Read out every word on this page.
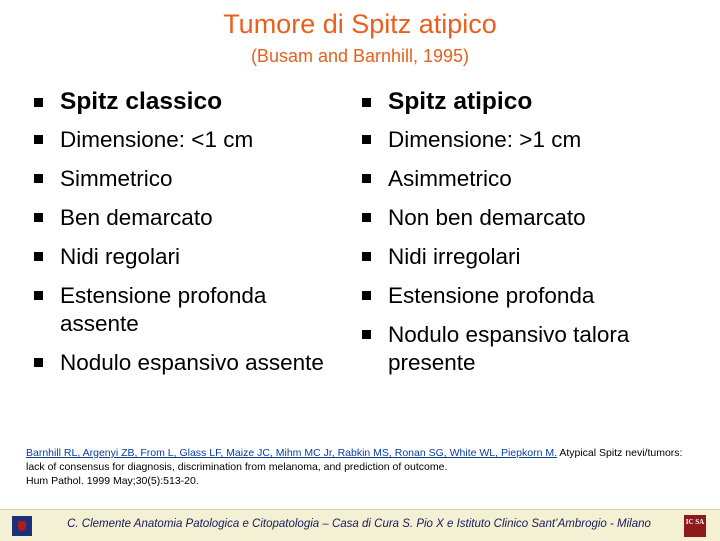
Tumore di Spitz atipico
(Busam and Barnhill, 1995)
Spitz classico
Dimensione: <1 cm
Simmetrico
Ben demarcato
Nidi regolari
Estensione profonda assente
Nodulo espansivo assente
Spitz atipico
Dimensione: >1 cm
Asimmetrico
Non ben demarcato
Nidi irregolari
Estensione profonda
Nodulo espansivo talora presente
Barnhill RL, Argenyi ZB, From L, Glass LF, Maize JC, Mihm MC Jr, Rabkin MS, Ronan SG, White WL, Piepkorn M. Atypical Spitz nevi/tumors: lack of consensus for diagnosis, discrimination from melanoma, and prediction of outcome.
Hum Pathol. 1999 May;30(5):513-20.
C. Clemente Anatomia Patologica e Citopatologia – Casa di Cura S. Pio X e Istituto Clinico Sant’Ambrogio - Milano	IC SA
